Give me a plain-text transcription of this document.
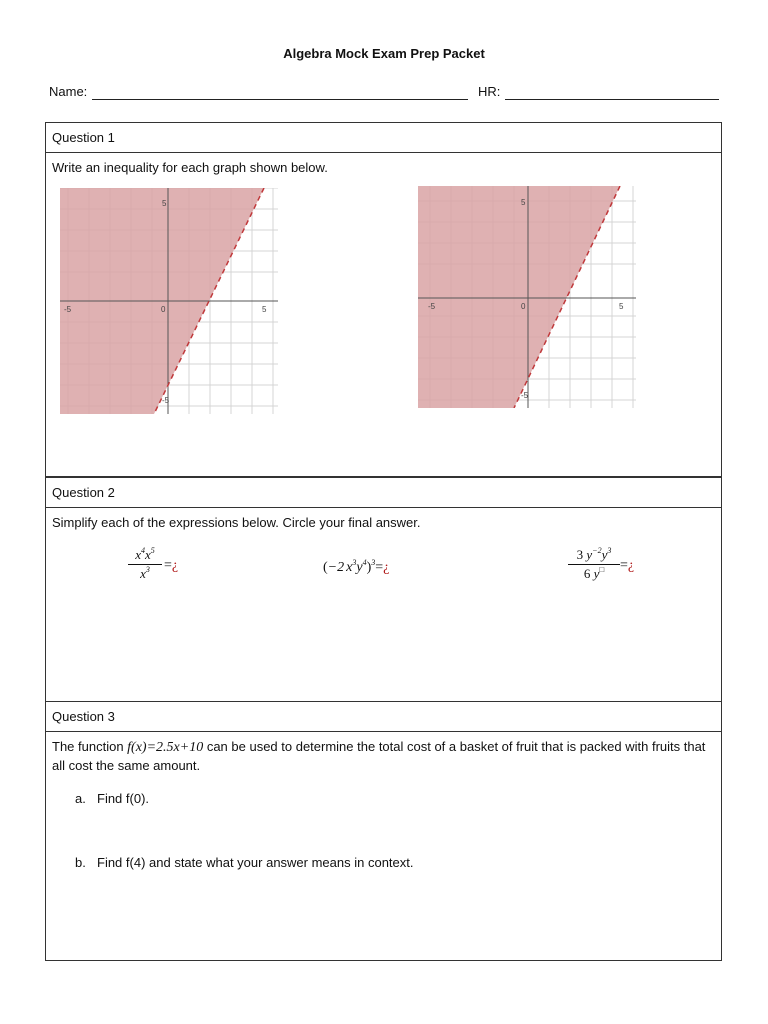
Algebra Mock Exam Prep Packet
Name:	HR:
Question 1
Write an inequality for each graph shown below.
-5	0	5
5
-5
-5	0	5
5
-5
Question 2
Simplify each of the expressions below. Circle your final answer.
$x^4x^5$
$x^3$	=¿	(−2 $x^3y^4)^3=¿$
3 $y^{-2}y^3$
6 y□	=¿
Question 3
The function f(x)=2.5x+10 can be used to determine the total cost of a basket of fruit that is packed with fruits that all cost the same amount.
a. Find f(0).
b. Find f(4) and state what your answer means in context.
